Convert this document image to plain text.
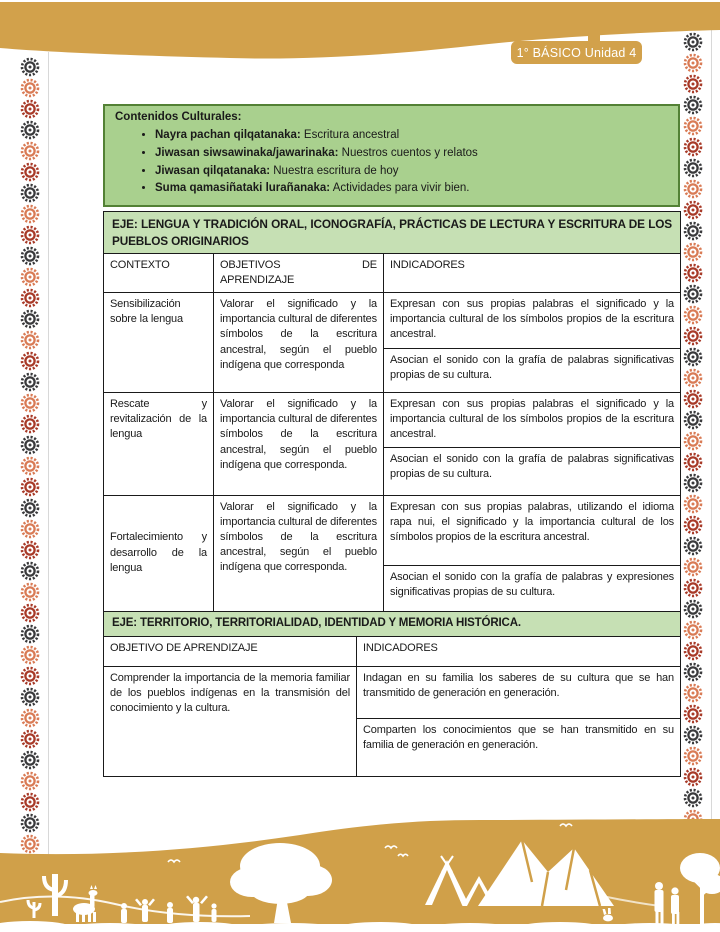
1° BÁSICO Unidad 4
Contenidos Culturales:
• Nayra pachan qilqatanaka: Escritura ancestral
• Jiwasan siwsawinaka/jawarinaka: Nuestros cuentos y relatos
• Jiwasan qilqatanaka: Nuestra escritura de hoy
• Suma qamasiñataki lurañanaka: Actividades para vivir bien.
EJE: LENGUA Y TRADICIÓN ORAL, ICONOGRAFÍA, PRÁCTICAS DE LECTURA Y ESCRITURA DE LOS PUEBLOS ORIGINARIOS		
CONTEXTO	OBJETIVOS DE APRENDIZAJE	INDICADORES
Sensibilización sobre la lengua	Valorar el significado y la importancia cultural de diferentes símbolos de la escritura ancestral, según el pueblo indígena que corresponda	Expresan con sus propias palabras el significado y la importancia cultural de los símbolos propios de la escritura ancestral.
		Asocian el sonido con la grafía de palabras significativas propias de su cultura.
Rescate y revitalización de la lengua	Valorar el significado y la importancia cultural de diferentes símbolos de la escritura ancestral, según el pueblo indígena que corresponda.	Expresan con sus propias palabras el significado y la importancia cultural de los símbolos propios de la escritura ancestral.
		Asocian el sonido con la grafía de palabras significativas propias de su cultura.
Fortalecimiento y desarrollo de la lengua	Valorar el significado y la importancia cultural de diferentes símbolos de la escritura ancestral, según el pueblo indígena que corresponda.	Expresan con sus propias palabras, utilizando el idioma rapa nui, el significado y la importancia cultural de los símbolos propios de la escritura ancestral.
		Asocian el sonido con la grafía de palabras y expresiones significativas propias de su cultura.
EJE: TERRITORIO, TERRITORIALIDAD, IDENTIDAD Y MEMORIA HISTÓRICA.	
OBJETIVO DE APRENDIZAJE	INDICADORES
Comprender la importancia de la memoria familiar de los pueblos indígenas en la transmisión del conocimiento y la cultura.	Indagan en su familia los saberes de su cultura que se han transmitido de generación en generación.
	Comparten los conocimientos que se han transmitido en su familia de generación en generación.
